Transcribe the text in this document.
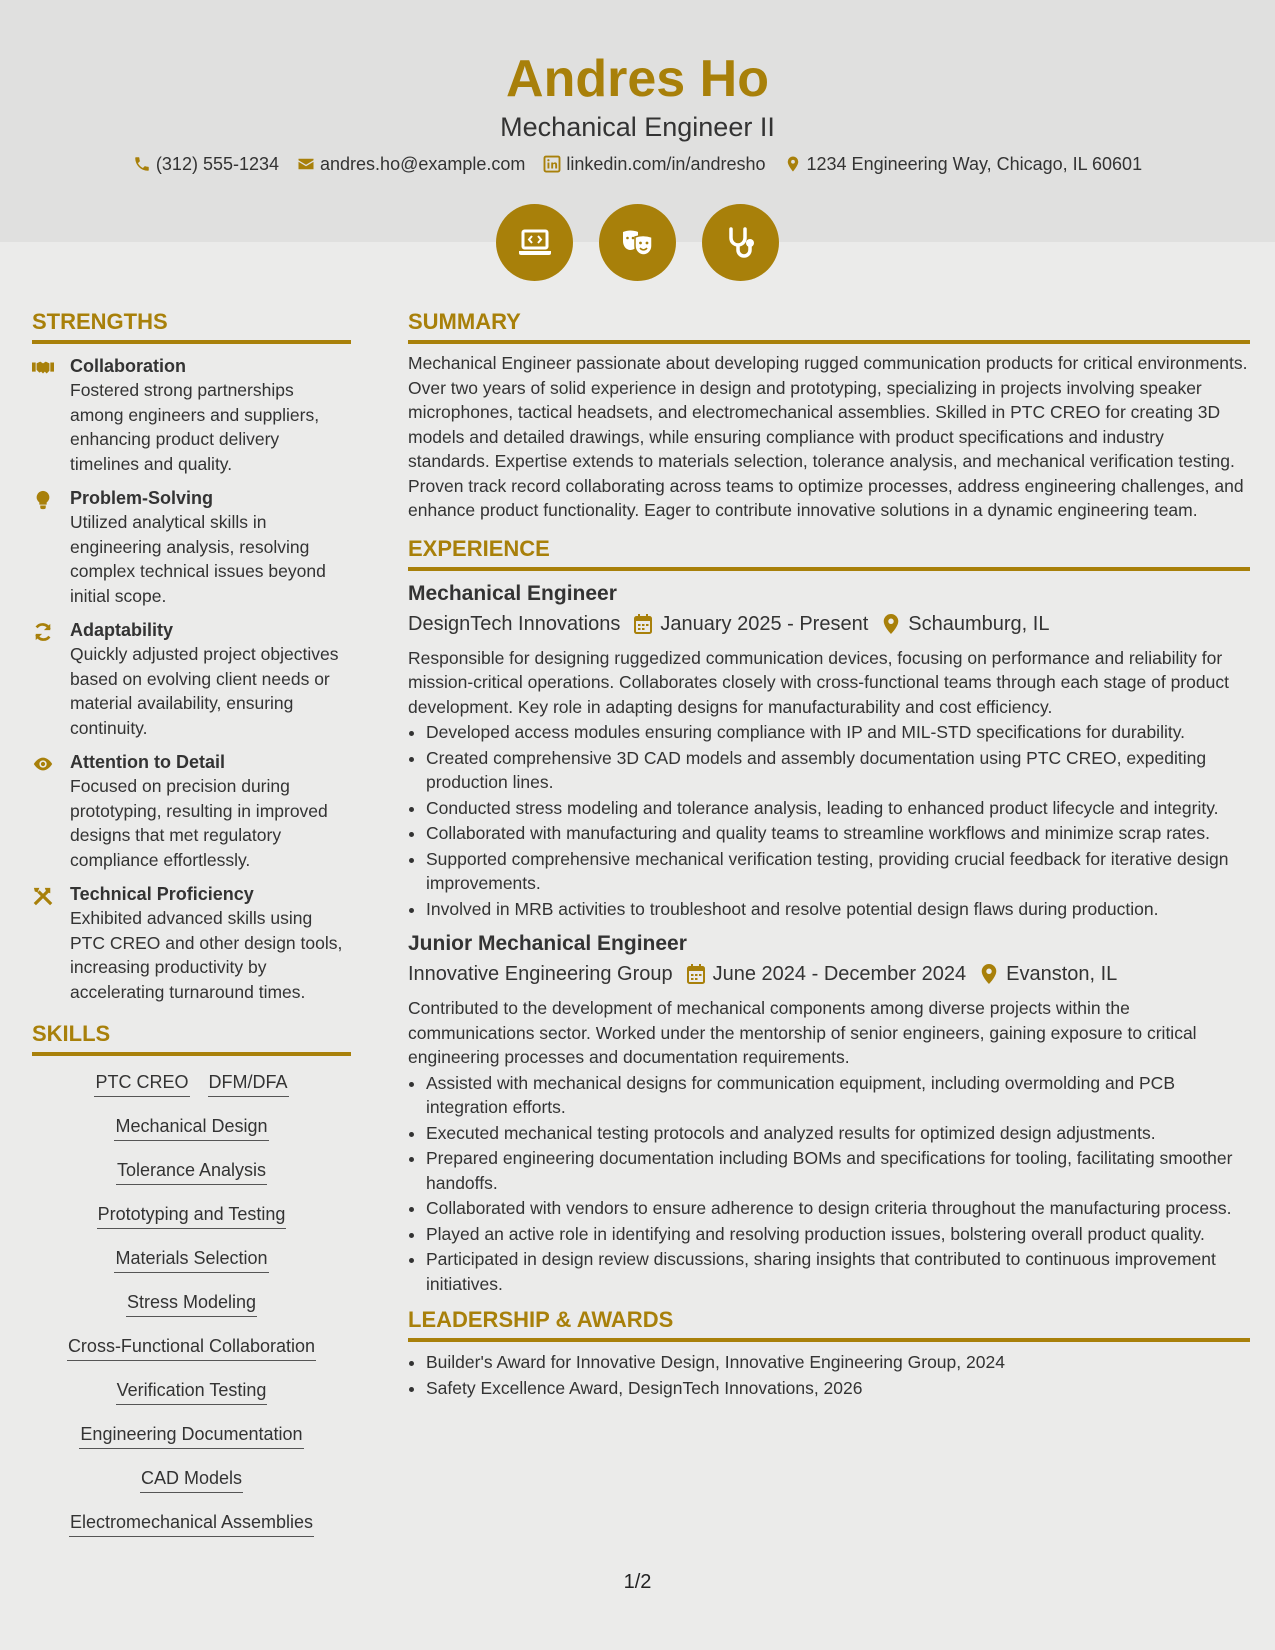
Andres Ho
Mechanical Engineer II
(312) 555-1234 andres.ho@example.com linkedin.com/in/andresho 1234 Engineering Way, Chicago, IL 60601
STRENGTHS
Collaboration

Fostered strong partnerships among engineers and suppliers, enhancing product delivery timelines and quality.

Problem-Solving

Utilized analytical skills in engineering analysis, resolving complex technical issues beyond initial scope.

Adaptability

Quickly adjusted project objectives based on evolving client needs or material availability, ensuring continuity.

Attention to Detail

Focused on precision during prototyping, resulting in improved designs that met regulatory compliance effortlessly.

Technical Proficiency

Exhibited advanced skills using PTC CREO and other design tools, increasing productivity by accelerating turnaround times.

SKILLS
PTC CREO DFM/DFA
Mechanical Design
Tolerance Analysis
Prototyping and Testing
Materials Selection
Stress Modeling
Cross-Functional Collaboration
Verification Testing
Engineering Documentation
CAD Models
Electromechanical Assemblies
SUMMARY

Mechanical Engineer passionate about developing rugged communication products for critical environments. Over two years of solid experience in design and prototyping, specializing in projects involving speaker microphones, tactical headsets, and electromechanical assemblies. Skilled in PTC CREO for creating 3D models and detailed drawings, while ensuring compliance with product specifications and industry standards. Expertise extends to materials selection, tolerance analysis, and mechanical verification testing. Proven track record collaborating across teams to optimize processes, address engineering challenges, and enhance product functionality. Eager to contribute innovative solutions in a dynamic engineering team.

EXPERIENCE
Mechanical Engineer
DesignTech Innovations January 2025 - Present Schaumburg, IL

Responsible for designing ruggedized communication devices, focusing on performance and reliability for mission-critical operations. Collaborates closely with cross-functional teams through each stage of product development. Key role in adapting designs for manufacturability and cost efficiency.

• Developed access modules ensuring compliance with IP and MIL-STD specifications for durability.
• Created comprehensive 3D CAD models and assembly documentation using PTC CREO, expediting production lines.
• Conducted stress modeling and tolerance analysis, leading to enhanced product lifecycle and integrity.
• Collaborated with manufacturing and quality teams to streamline workflows and minimize scrap rates.
• Supported comprehensive mechanical verification testing, providing crucial feedback for iterative design improvements.
• Involved in MRB activities to troubleshoot and resolve potential design flaws during production.
Junior Mechanical Engineer
Innovative Engineering Group June 2024 - December 2024 Evanston, IL

Contributed to the development of mechanical components among diverse projects within the communications sector. Worked under the mentorship of senior engineers, gaining exposure to critical engineering processes and documentation requirements.

• Assisted with mechanical designs for communication equipment, including overmolding and PCB integration efforts.
• Executed mechanical testing protocols and analyzed results for optimized design adjustments.
• Prepared engineering documentation including BOMs and specifications for tooling, facilitating smoother handoffs.
• Collaborated with vendors to ensure adherence to design criteria throughout the manufacturing process.
• Played an active role in identifying and resolving production issues, bolstering overall product quality.
• Participated in design review discussions, sharing insights that contributed to continuous improvement initiatives.
LEADERSHIP & AWARDS
• Builder's Award for Innovative Design, Innovative Engineering Group, 2024
• Safety Excellence Award, DesignTech Innovations, 2026
1/2
